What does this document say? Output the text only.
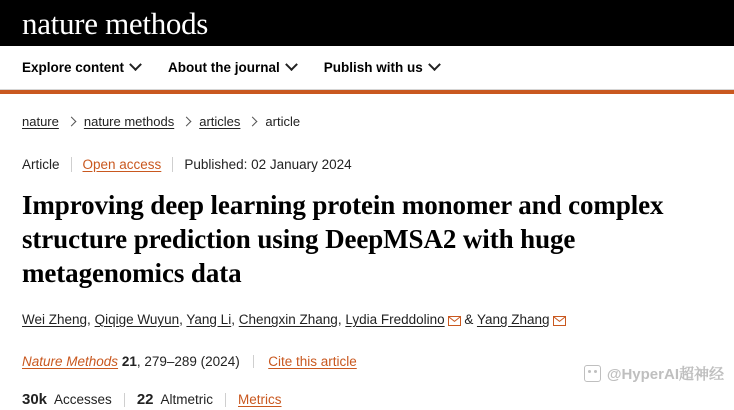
nature methods
Explore content	About the journal	Publish with us
nature nature methods articles article
Article	Open access	Published: 02 January 2024
Improving deep learning protein monomer and complex structure prediction using DeepMSA2 with huge metagenomics data
Wei Zheng, Qiqige Wuyun, Yang Li, Chengxin Zhang, Lydia Freddolino & Yang Zhang
Nature Methods 21, 279–289 (2024) Cite this article
30k Accesses 22 Altmetric Metrics
@HyperAI超神经
